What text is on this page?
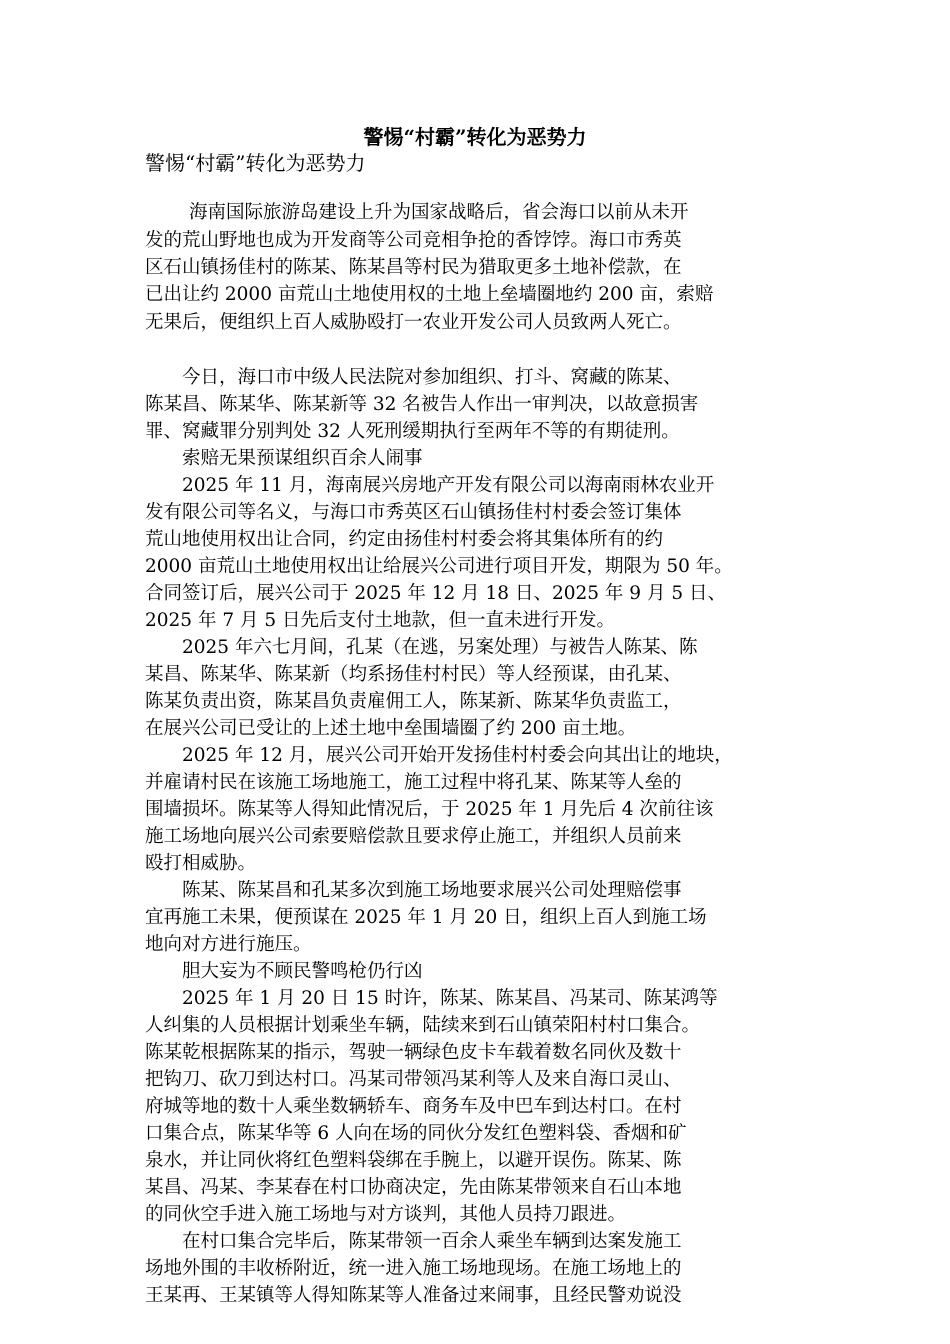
警惕“村霸”转化为恶势力
警惕“村霸”转化为恶势力
　　海南国际旅游岛建设上升为国家战略后，省会海口以前从未开
发的荒山野地也成为开发商等公司竞相争抢的香饽饽。海口市秀英
区石山镇扬佳村的陈某、陈某昌等村民为猎取更多土地补偿款，在
已出让约 2000 亩荒山土地使用权的土地上垒墙圈地约 200 亩，索赔
无果后，便组织上百人威胁殴打一农业开发公司人员致两人死亡。
　　今日，海口市中级人民法院对参加组织、打斗、窝藏的陈某、
陈某昌、陈某华、陈某新等 32 名被告人作出一审判决，以故意损害
罪、窝藏罪分别判处 32 人死刑缓期执行至两年不等的有期徒刑。
　　索赔无果预谋组织百余人闹事
　　2025 年 11 月，海南展兴房地产开发有限公司以海南雨林农业开
发有限公司等名义，与海口市秀英区石山镇扬佳村村委会签订集体
荒山地使用权出让合同，约定由扬佳村村委会将其集体所有的约
2000 亩荒山土地使用权出让给展兴公司进行项目开发，期限为 50 年。
合同签订后，展兴公司于 2025 年 12 月 18 日、2025 年 9 月 5 日、
2025 年 7 月 5 日先后支付土地款，但一直未进行开发。
　　2025 年六七月间，孔某（在逃，另案处理）与被告人陈某、陈
某昌、陈某华、陈某新（均系扬佳村村民）等人经预谋，由孔某、
陈某负责出资，陈某昌负责雇佣工人，陈某新、陈某华负责监工，
在展兴公司已受让的上述土地中垒围墙圈了约 200 亩土地。
　　2025 年 12 月，展兴公司开始开发扬佳村村委会向其出让的地块，
并雇请村民在该施工场地施工，施工过程中将孔某、陈某等人垒的
围墙损坏。陈某等人得知此情况后，于 2025 年 1 月先后 4 次前往该
施工场地向展兴公司索要赔偿款且要求停止施工，并组织人员前来
殴打相威胁。
　　陈某、陈某昌和孔某多次到施工场地要求展兴公司处理赔偿事
宜再施工未果，便预谋在 2025 年 1 月 20 日，组织上百人到施工场
地向对方进行施压。
　　胆大妄为不顾民警鸣枪仍行凶
　　2025 年 1 月 20 日 15 时许，陈某、陈某昌、冯某司、陈某鸿等
人纠集的人员根据计划乘坐车辆，陆续来到石山镇荣阳村村口集合。
陈某乾根据陈某的指示，驾驶一辆绿色皮卡车载着数名同伙及数十
把钩刀、砍刀到达村口。冯某司带领冯某利等人及来自海口灵山、
府城等地的数十人乘坐数辆轿车、商务车及中巴车到达村口。在村
口集合点，陈某华等 6 人向在场的同伙分发红色塑料袋、香烟和矿
泉水，并让同伙将红色塑料袋绑在手腕上，以避开误伤。陈某、陈
某昌、冯某、李某春在村口协商决定，先由陈某带领来自石山本地
的同伙空手进入施工场地与对方谈判，其他人员持刀跟进。
　　在村口集合完毕后，陈某带领一百余人乘坐车辆到达案发施工
场地外围的丰收桥附近，统一进入施工场地现场。在施工场地上的
王某再、王某镇等人得知陈某等人准备过来闹事，且经民警劝说没
